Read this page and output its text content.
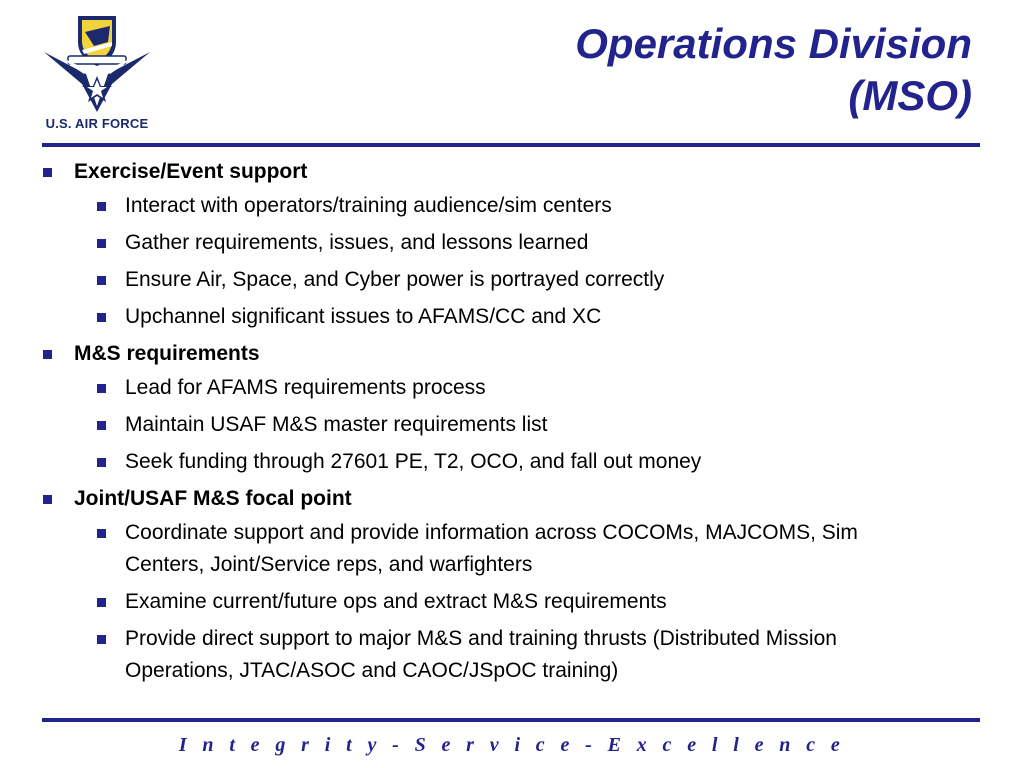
U.S. AIR FORCE
Operations Division
(MSO)
Exercise/Event support
Interact with operators/training audience/sim centers
Gather requirements, issues, and lessons learned
Ensure Air, Space, and Cyber power is portrayed correctly
Upchannel significant issues to AFAMS/CC and XC
M&S requirements
Lead for AFAMS requirements process
Maintain USAF M&S master requirements list
Seek funding through 27601 PE, T2, OCO, and fall out money
Joint/USAF M&S focal point
Coordinate support and provide information across COCOMs, MAJCOMS, Sim Centers, Joint/Service reps, and warfighters
Examine current/future ops and extract M&S requirements
Provide direct support to major M&S and training thrusts (Distributed Mission Operations, JTAC/ASOC and CAOC/JSpOC training)
I n t e g r i t y - S e r v i c e - E x c e l l e n c e
